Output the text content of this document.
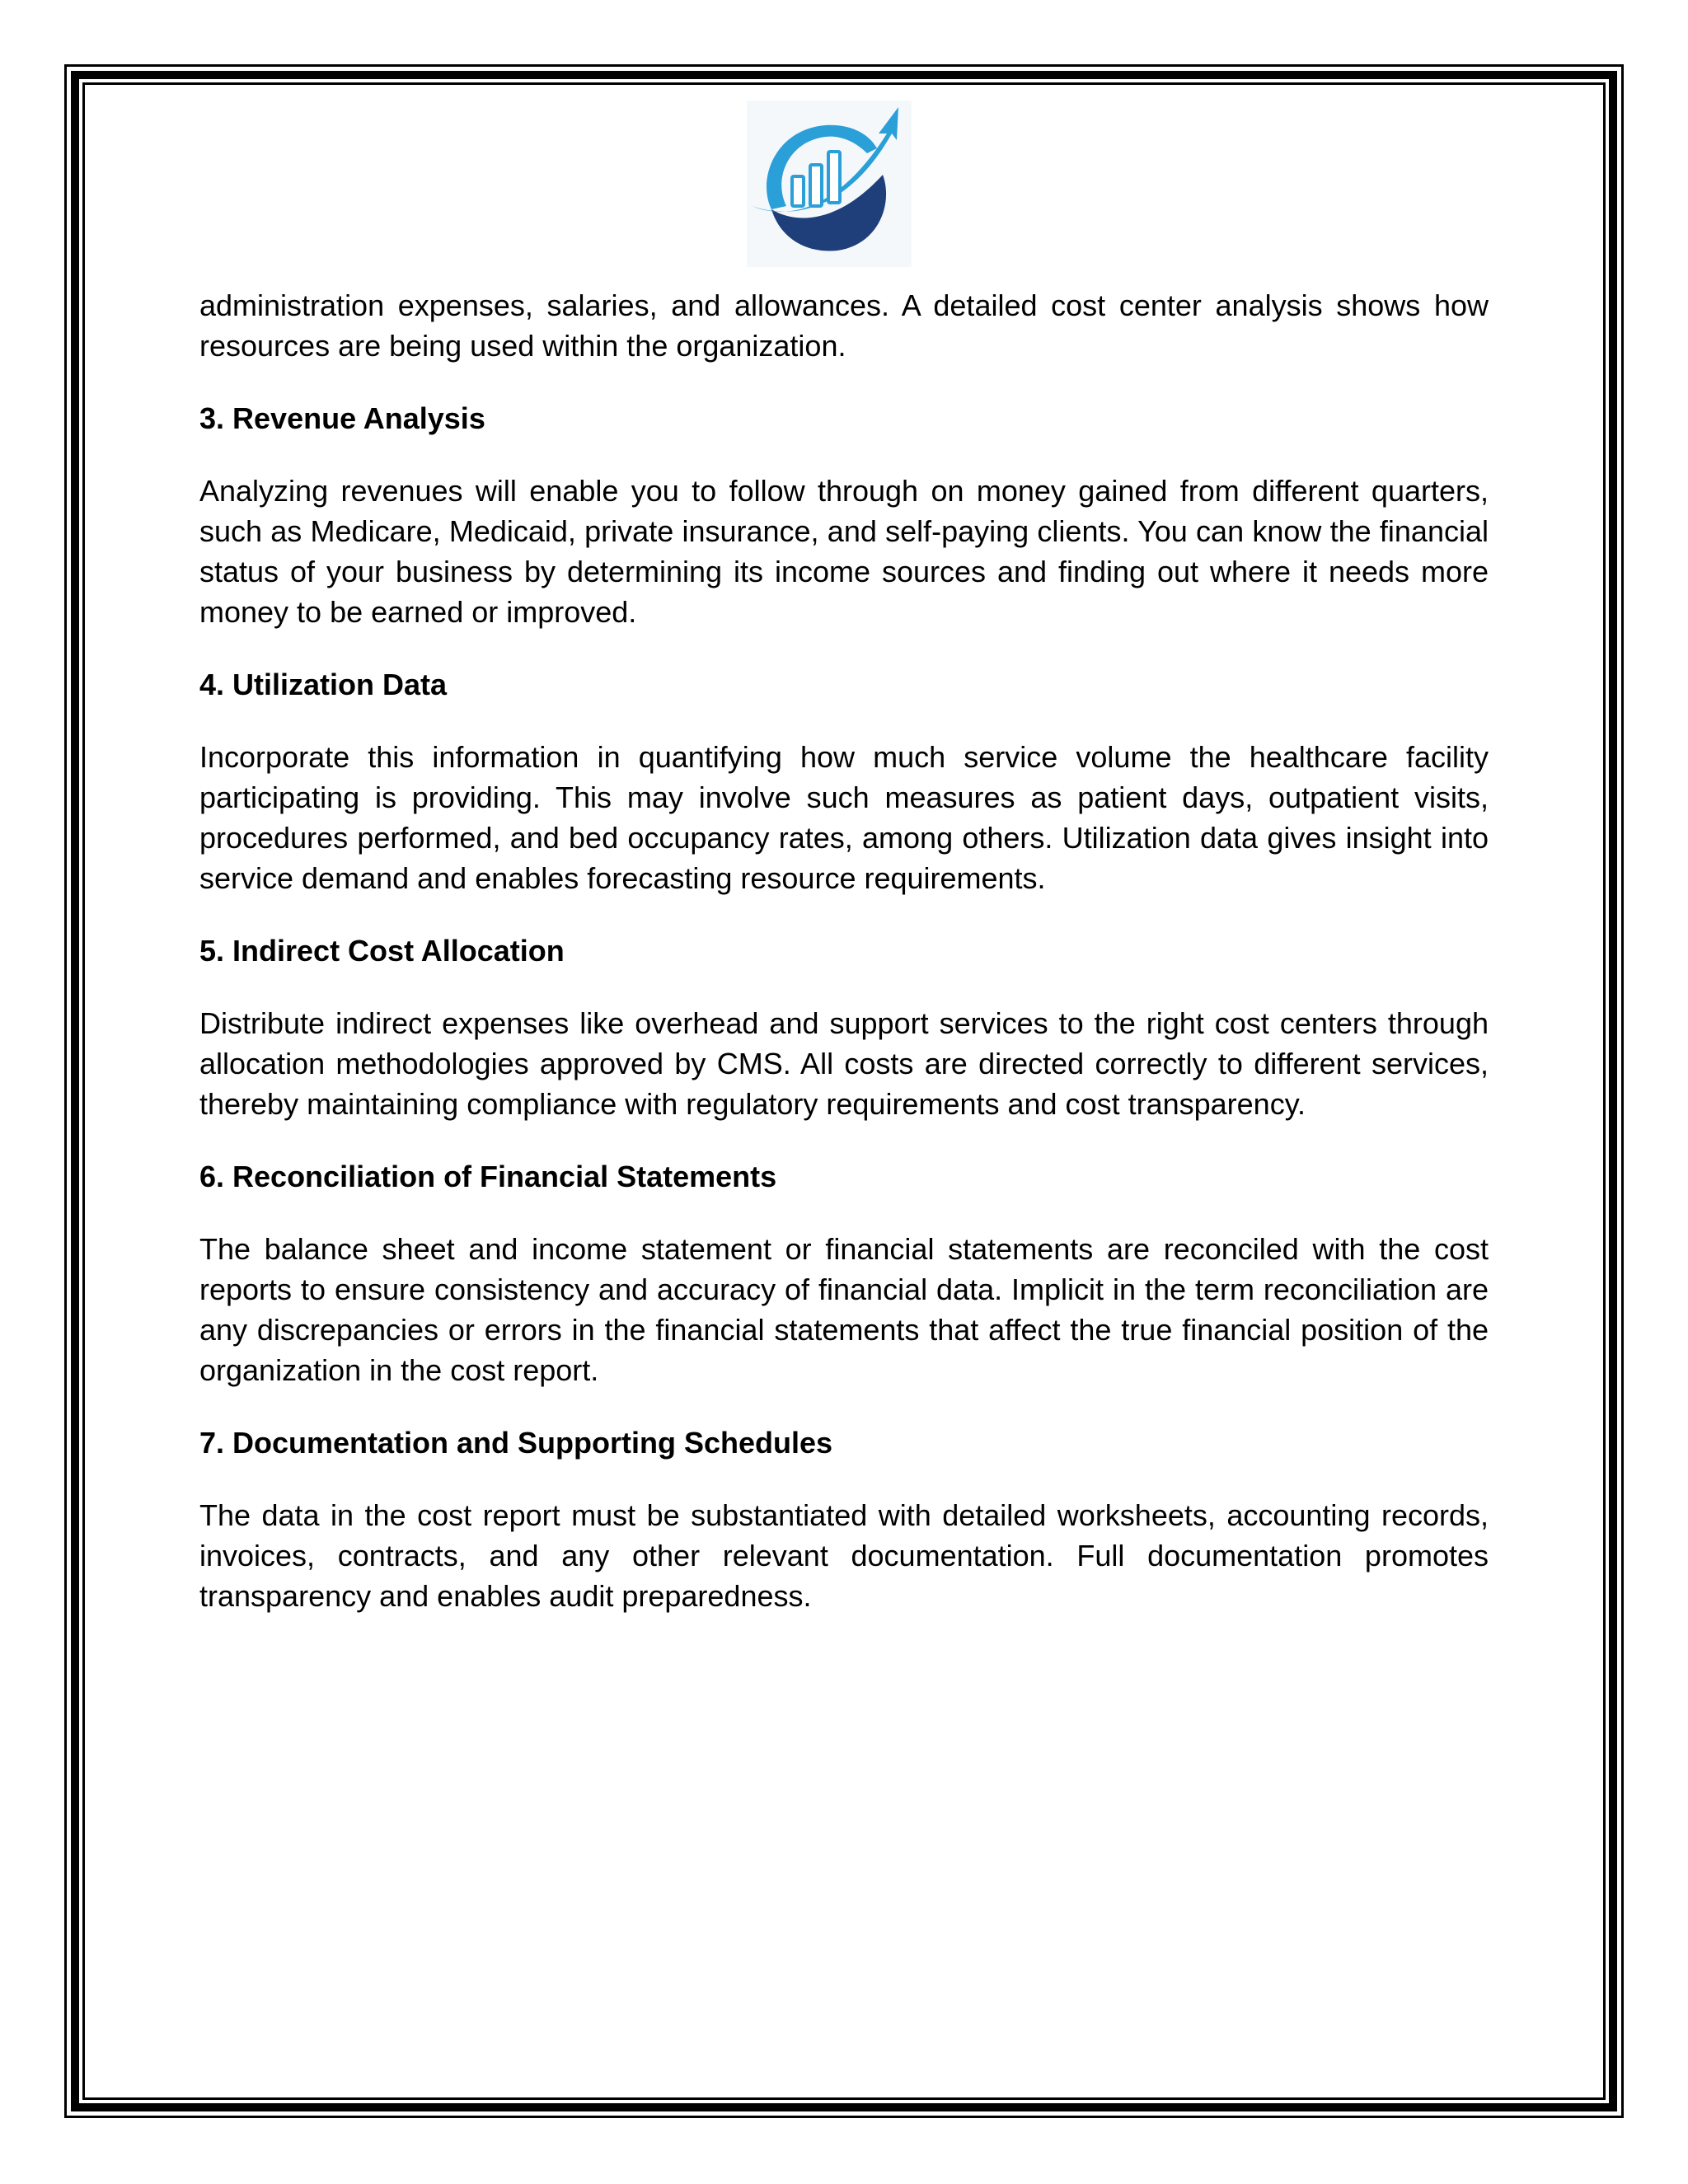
administration expenses, salaries, and allowances. A detailed cost center analysis shows how resources are being used within the organization.

3. Revenue Analysis

Analyzing revenues will enable you to follow through on money gained from different quarters, such as Medicare, Medicaid, private insurance, and self-paying clients. You can know the financial status of your business by determining its income sources and finding out where it needs more money to be earned or improved.

4. Utilization Data

Incorporate this information in quantifying how much service volume the healthcare facility participating is providing. This may involve such measures as patient days, outpatient visits, procedures performed, and bed occupancy rates, among others. Utilization data gives insight into service demand and enables forecasting resource requirements.

5. Indirect Cost Allocation

Distribute indirect expenses like overhead and support services to the right cost centers through allocation methodologies approved by CMS. All costs are directed correctly to different services, thereby maintaining compliance with regulatory requirements and cost transparency.

6. Reconciliation of Financial Statements

The balance sheet and income statement or financial statements are reconciled with the cost reports to ensure consistency and accuracy of financial data. Implicit in the term reconciliation are any discrepancies or errors in the financial statements that affect the true financial position of the organization in the cost report.

7. Documentation and Supporting Schedules

The data in the cost report must be substantiated with detailed worksheets, accounting records, invoices, contracts, and any other relevant documentation. Full documentation promotes transparency and enables audit preparedness.
